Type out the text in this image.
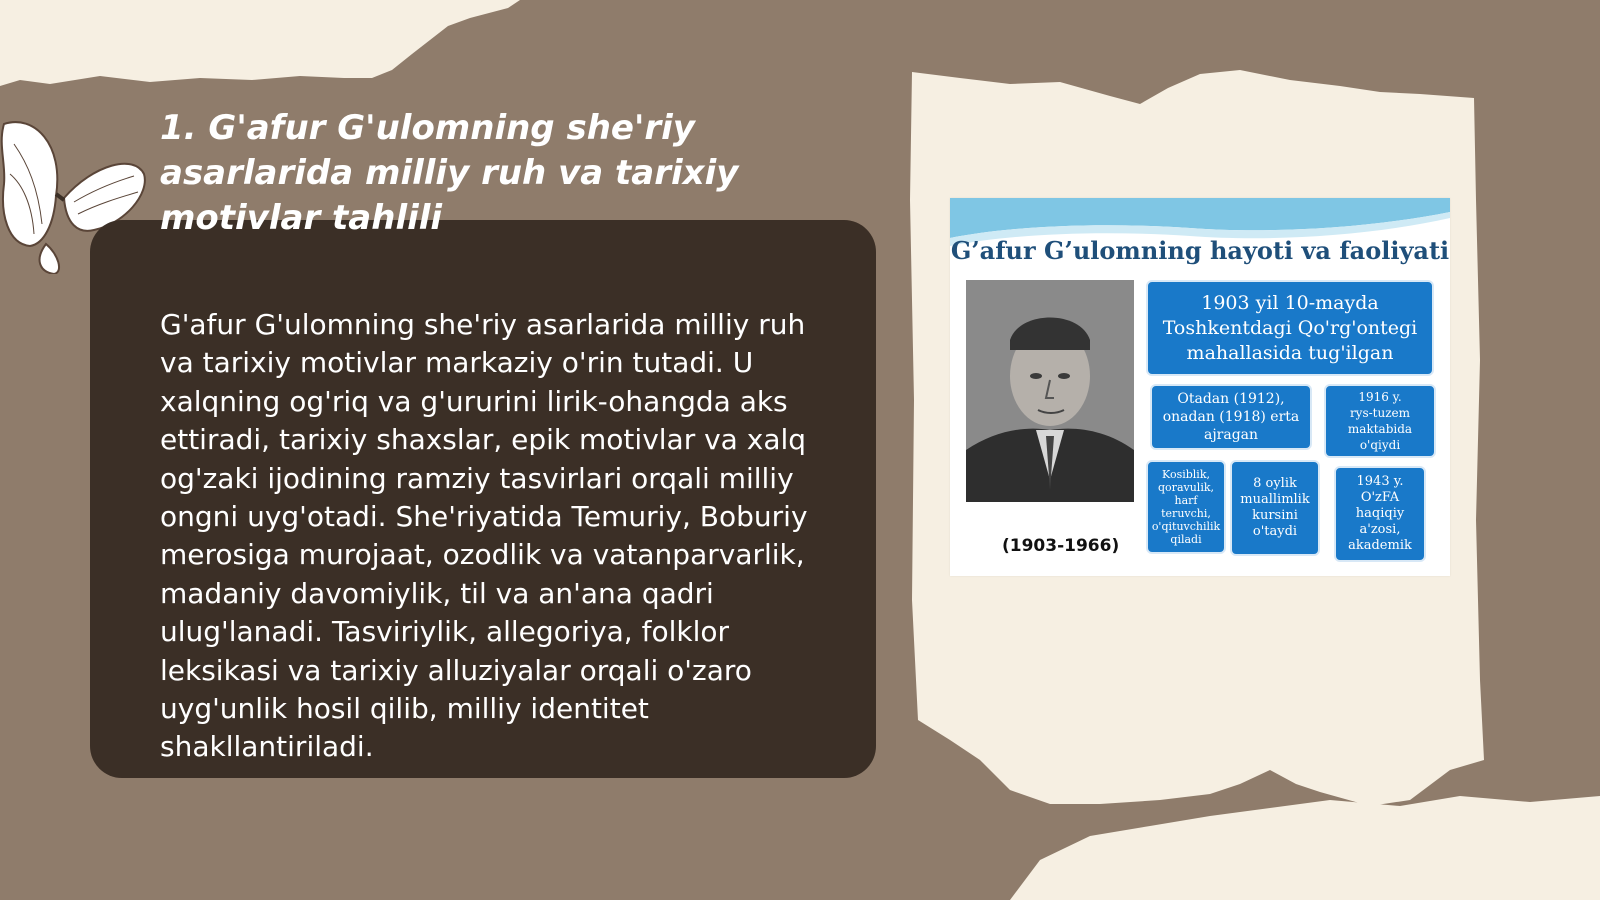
1. G'afur G'ulomning she'riy asarlarida milliy ruh va tarixiy motivlar tahlili

G'afur G'ulomning she'riy asarlarida milliy ruh va tarixiy motivlar markaziy o'rin tutadi. U xalqning og'riq va g'ururini lirik-ohangda aks ettiradi, tarixiy shaxslar, epik motivlar va xalq og'zaki ijodining ramziy tasvirlari orqali milliy ongni uyg'otadi. She'riyatida Temuriy, Boburiy merosiga murojaat, ozodlik va vatanparvarlik, madaniy davomiylik, til va an'ana qadri ulug'lanadi. Tasviriylik, allegoriya, folklor leksikasi va tarixiy alluziyalar orqali o'zaro uyg'unlik hosil qilib, milliy identitet shakllantiriladi.

G’afur G’ulomning hayoti va faoliyati

(1903-1966)
1903 yil 10-mayda
Toshkentdagi Qo'rg'ontegi
mahallasida tug'ilgan
Otadan (1912),
onadan (1918) erta
ajragan
1916 y.
rys-tuzem
maktabida
o'qiydi
Kosiblik,
qoravulik,
harf
teruvchi,
o'qituvchilik
qiladi
8 oylik
muallimlik
kursini
o'taydi
1943 y.
O'zFA
haqiqiy
a'zosi,
akademik
